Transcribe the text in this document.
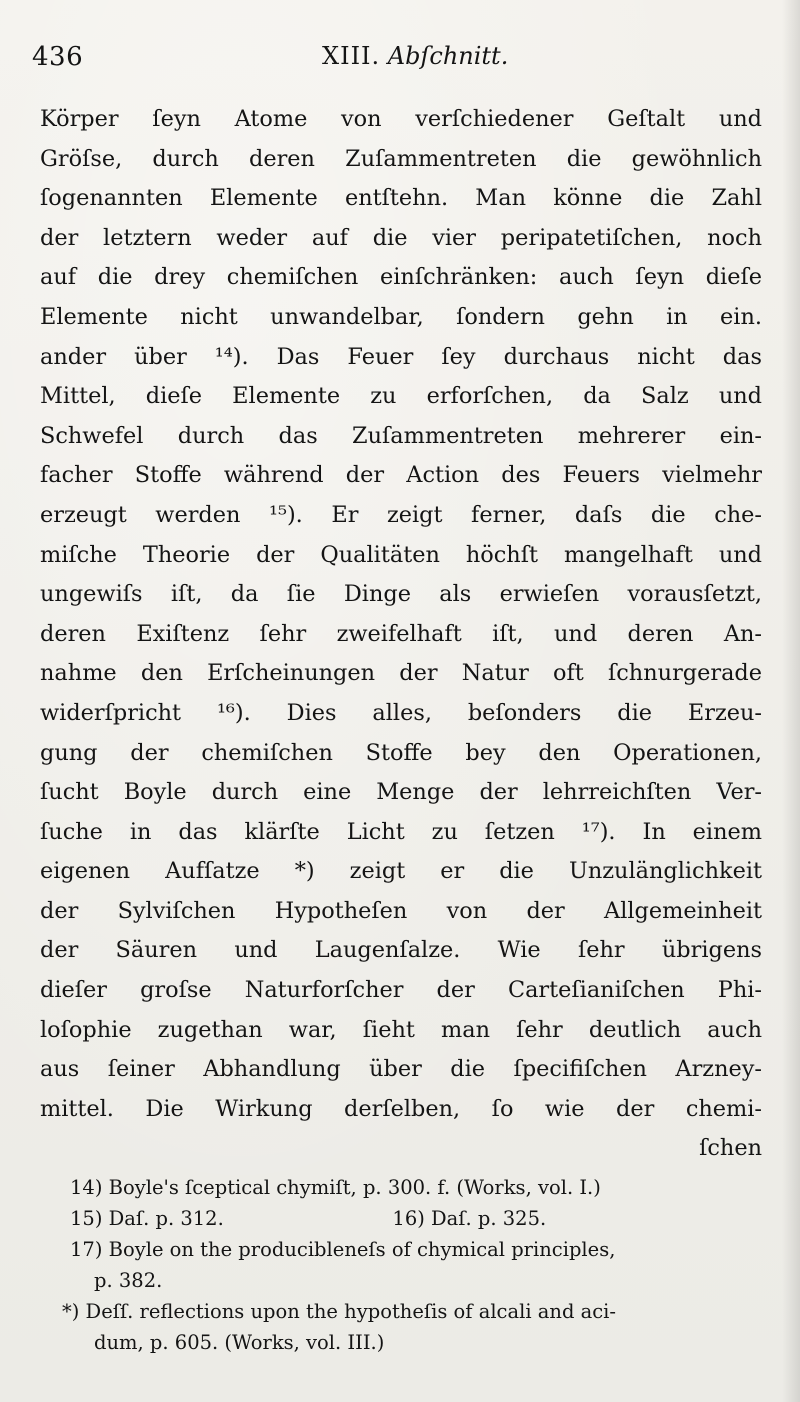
436	XIII. Abſchnitt.
Körper ſeyn Atome von verſchiedener Geſtalt und
Gröſse, durch deren Zuſammentreten die gewöhnlich
ſogenannten Elemente entſtehn. Man könne die Zahl
der letztern weder auf die vier peripatetiſchen, noch
auf die drey chemiſchen einſchränken: auch ſeyn dieſe
Elemente nicht unwandelbar, ſondern gehn in ein.
ander über ¹⁴). Das Feuer ſey durchaus nicht das
Mittel, dieſe Elemente zu erforſchen, da Salz und
Schwefel durch das Zuſammentreten mehrerer ein-
facher Stoffe während der Action des Feuers vielmehr
erzeugt werden ¹⁵). Er zeigt ferner, daſs die che-
miſche Theorie der Qualitäten höchſt mangelhaft und
ungewiſs iſt, da ſie Dinge als erwieſen vorausſetzt,
deren Exiſtenz ſehr zweifelhaft iſt, und deren An-
nahme den Erſcheinungen der Natur oft ſchnurgerade
widerſpricht ¹⁶). Dies alles, beſonders die Erzeu-
gung der chemiſchen Stoffe bey den Operationen,
ſucht Boyle durch eine Menge der lehrreichſten Ver-
ſuche in das klärſte Licht zu ſetzen ¹⁷). In einem
eigenen Aufſatze *) zeigt er die Unzulänglichkeit
der Sylviſchen Hypotheſen von der Allgemeinheit
der Säuren und Laugenſalze. Wie ſehr übrigens
dieſer groſse Naturforſcher der Carteſianiſchen Phi-
loſophie zugethan war, ſieht man ſehr deutlich auch
aus ſeiner Abhandlung über die ſpecifiſchen Arzney-
mittel. Die Wirkung derſelben, ſo wie der chemi-
ſchen
14) Boyle's ſceptical chymiſt, p. 300. f. (Works, vol. I.)
15) Daſ. p. 312.	16) Daſ. p. 325.
17) Boyle on the producibleneſs of chymical principles,
p. 382.
*) Deſſ. reflections upon the hypotheſis of alcali and aci-
dum, p. 605. (Works, vol. III.)
